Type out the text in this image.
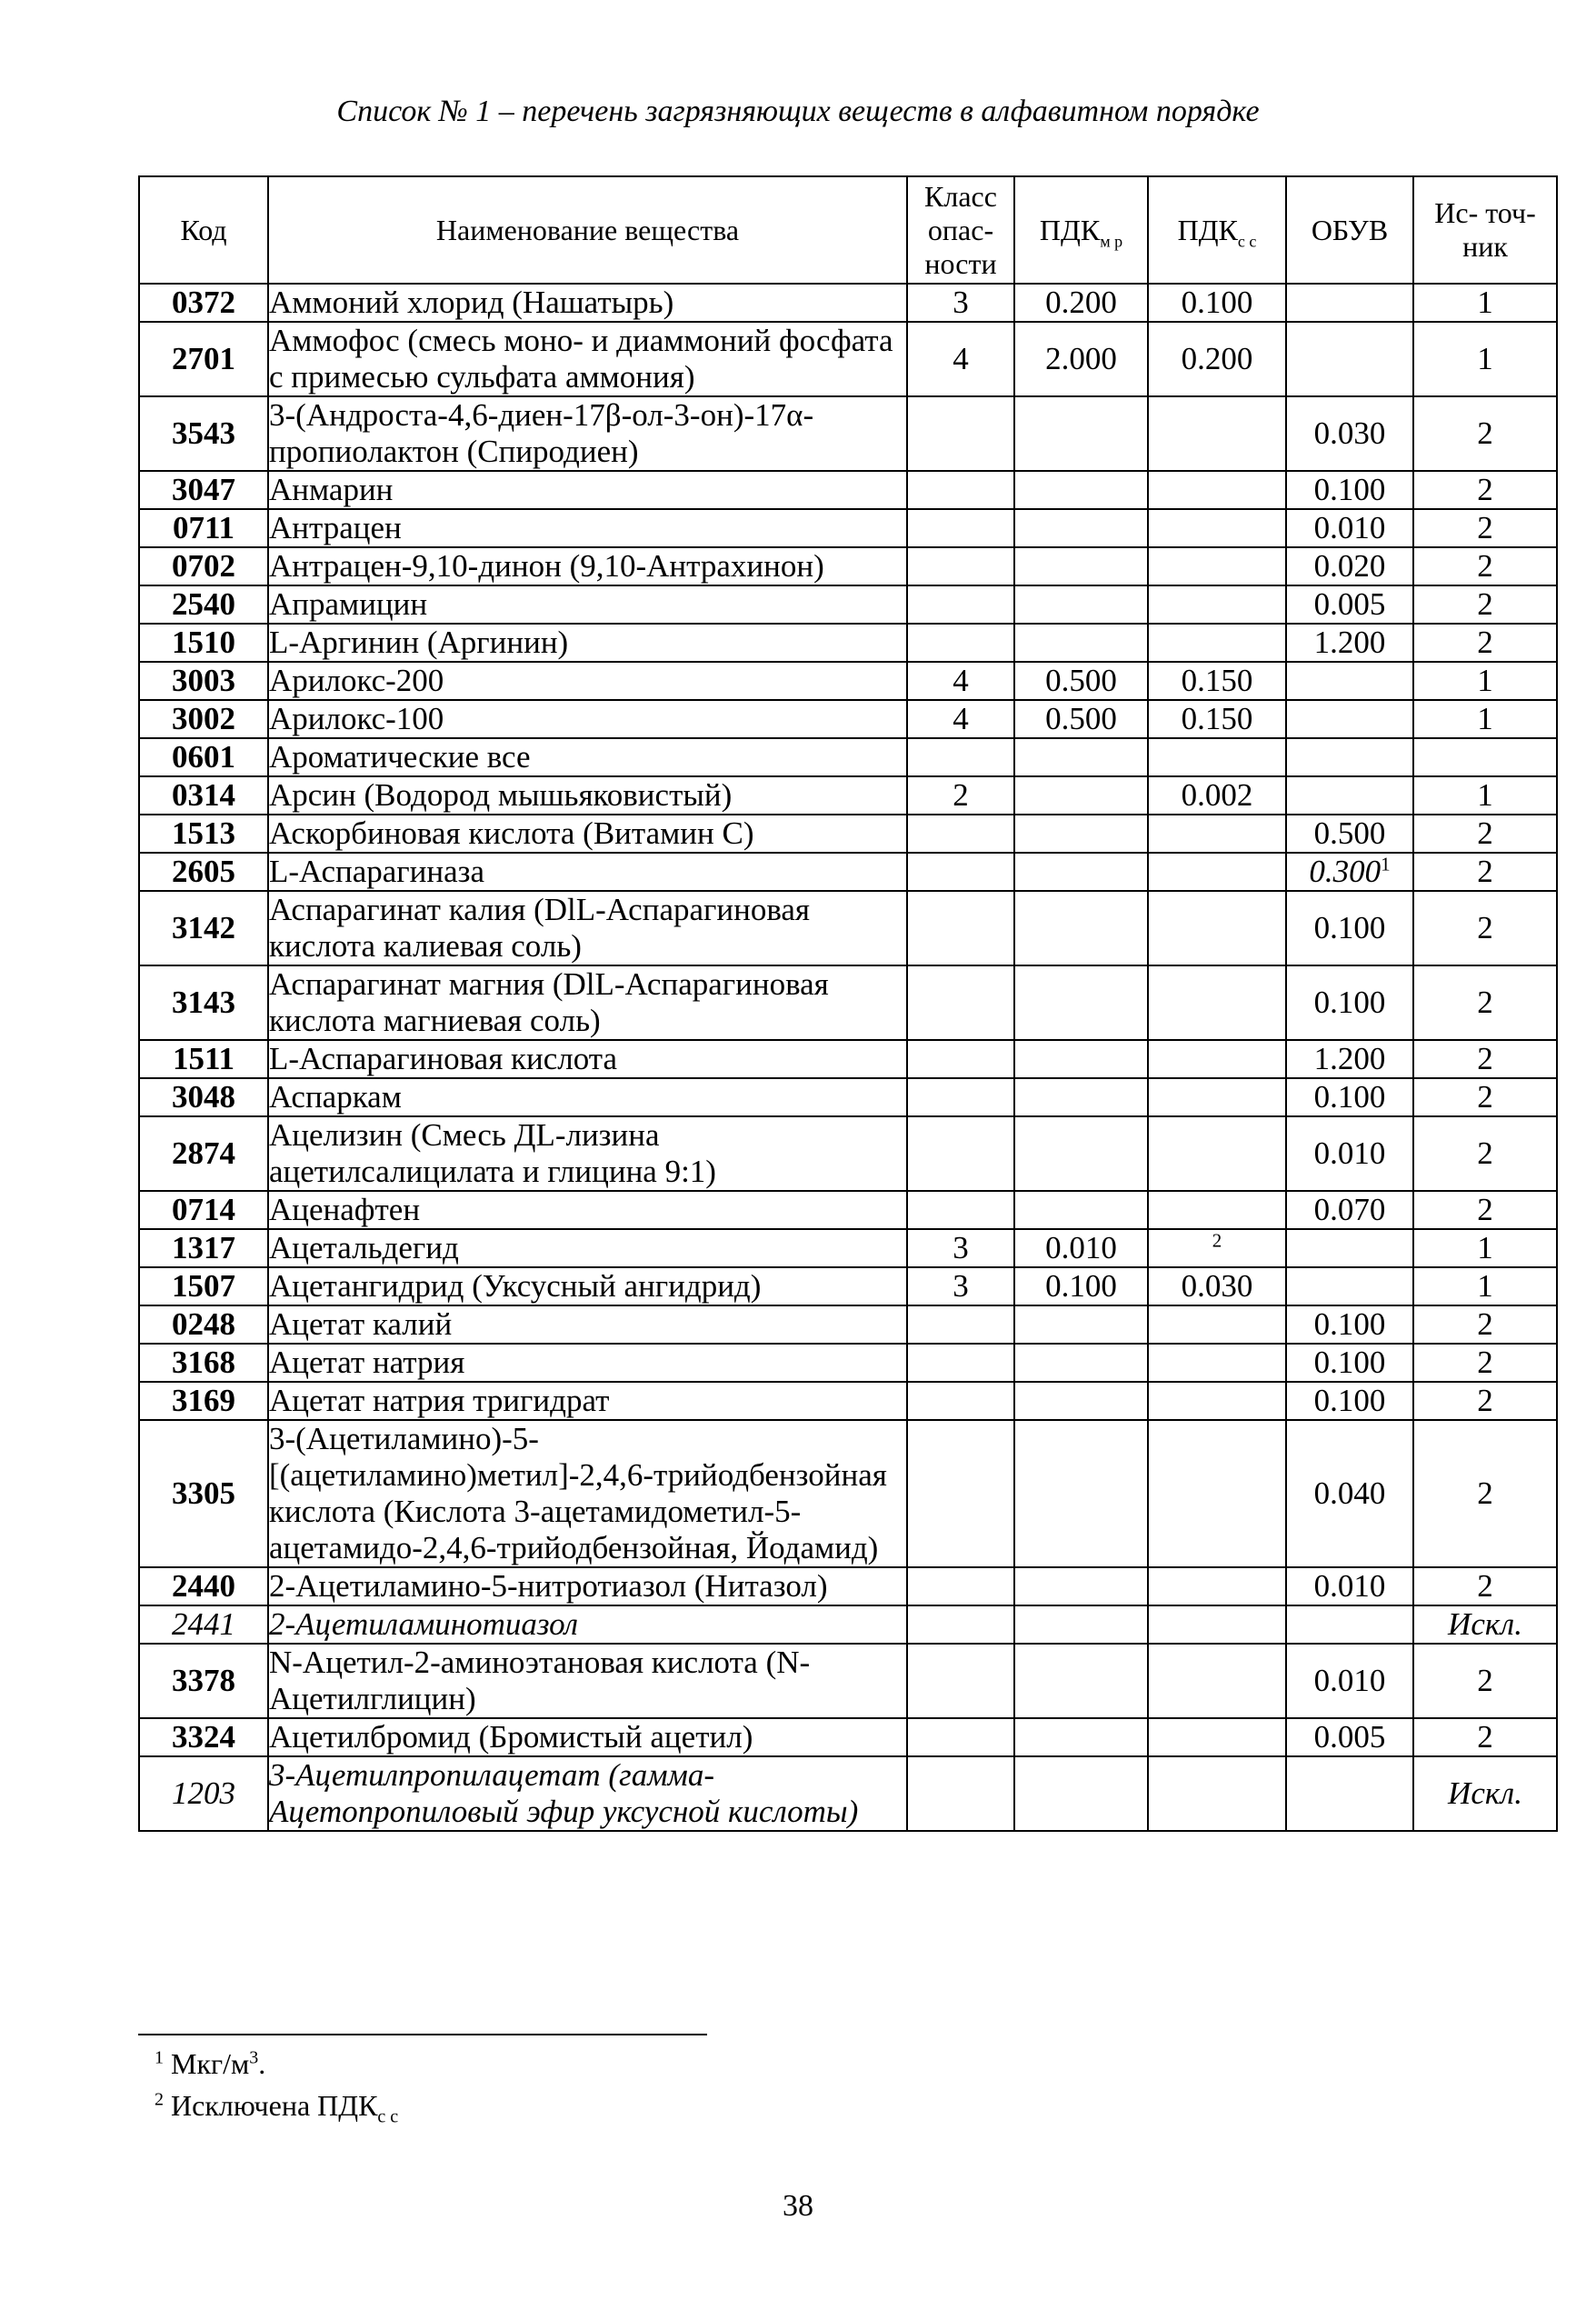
Список № 1 – перечень загрязняющих веществ в алфавитном порядке
Код	Наименование вещества	Класс опас- ности	$ПДК_{м р}$	$ПДК_{с с}$	ОБУВ	Ис- точ- ник
0372	Аммоний хлорид (Нашатырь)	3	0.200	0.100		1
2701	Аммофос (смесь моно- и диаммоний фосфата с примесью сульфата аммония)	4	2.000	0.200		1
3543	3-(Андроста-4,6-диен-17β-ол-3-он)-17α-пропиолактон (Спиродиен)				0.030	2
3047	Анмарин				0.100	2
0711	Антрацен				0.010	2
0702	Антрацен-9,10-динон (9,10-Антрахинон)				0.020	2
2540	Апрамицин				0.005	2
1510	L-Аргинин (Аргинин)				1.200	2
3003	Арилокс-200	4	0.500	0.150		1
3002	Арилокс-100	4	0.500	0.150		1
0601	Ароматические все					
0314	Арсин (Водород мышьяковистый)	2		0.002		1
1513	Аскорбиновая кислота (Витамин С)				0.500	2
2605	L-Аспарагиназа				0.300$^1$	2
3142	Аспарагинат калия (DlL-Аспарагиновая кислота калиевая соль)				0.100	2
3143	Аспарагинат магния (DlL-Аспарагиновая кислота магниевая соль)				0.100	2
1511	L-Аспарагиновая кислота				1.200	2
3048	Аспаркам				0.100	2
2874	Ацелизин (Смесь ДL-лизина ацетилсалицилата и глицина 9:1)				0.010	2
0714	Аценафтен				0.070	2
1317	Ацетальдегид	3	0.010	$^2$		1
1507	Ацетангидрид (Уксусный ангидрид)	3	0.100	0.030		1
0248	Ацетат калий				0.100	2
3168	Ацетат натрия				0.100	2
3169	Ацетат натрия тригидрат				0.100	2
3305	3-(Ацетиламино)-5-[(ацетиламино)метил]-2,4,6-трийодбензойная кислота (Кислота 3-ацетамидометил-5-ацетамидо-2,4,6-трийодбензойная, Йодамид)				0.040	2
2440	2-Ацетиламино-5-нитротиазол (Нитазол)				0.010	2
2441	2-Ацетиламинотиазол					Искл.
3378	N-Ацетил-2-аминоэтановая кислота (N-Ацетилглицин)				0.010	2
3324	Ацетилбромид (Бромистый ацетил)				0.005	2
1203	3-Ацетилпропилацетат (гамма-Ацетопропиловый эфир уксусной кислоты)					Искл.
$^1$ Мкг/$м^3$.
$^2$ Исключена $ПДК_{с с}$
38
